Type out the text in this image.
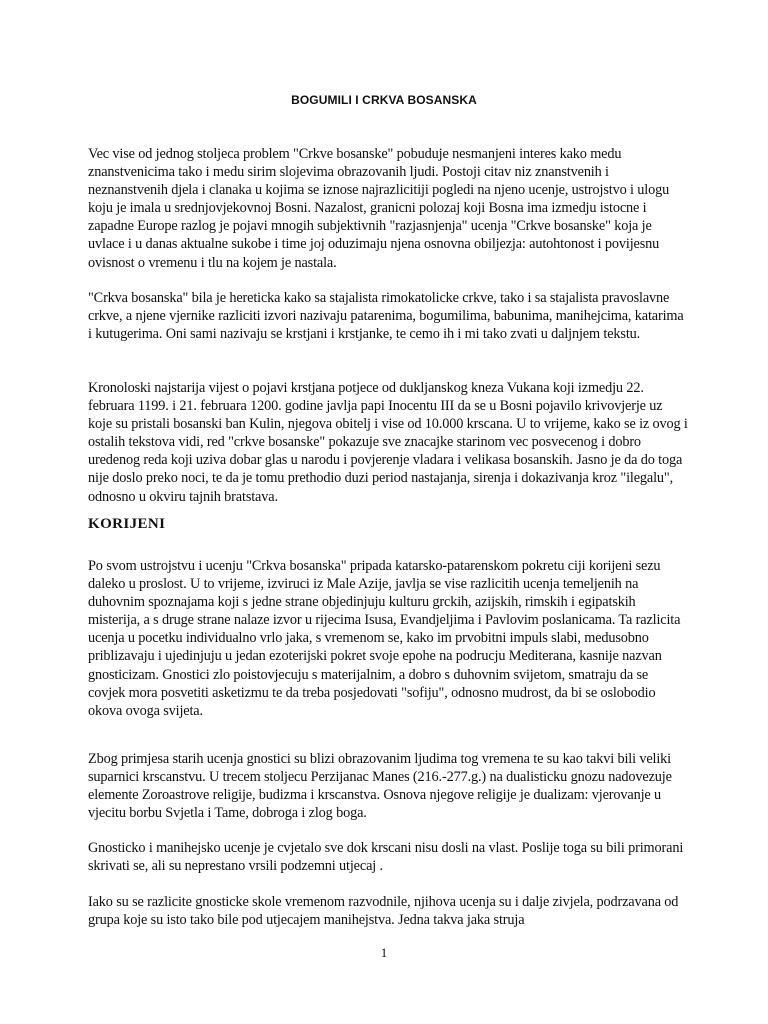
BOGUMILI I CRKVA BOSANSKA

Vec vise od jednog stoljeca problem "Crkve bosanske" pobuduje nesmanjeni interes kako medu znanstvenicima tako i medu sirim slojevima obrazovanih ljudi. Postoji citav niz znanstvenih i neznanstvenih djela i clanaka u kojima se iznose najrazlicitiji pogledi na njeno ucenje, ustrojstvo i ulogu koju je imala u srednjovjekovnoj Bosni. Nazalost, granicni polozaj koji Bosna ima izmedju istocne i zapadne Europe razlog je pojavi mnogih subjektivnih "razjasnjenja" ucenja "Crkve bosanske" koja je uvlace i u danas aktualne sukobe i time joj oduzimaju njena osnovna obiljezja: autohtonost i povijesnu ovisnost o vremenu i tlu na kojem je nastala.

"Crkva bosanska" bila je hereticka kako sa stajalista rimokatolicke crkve, tako i sa stajalista pravoslavne crkve, a njene vjernike razliciti izvori nazivaju patarenima, bogumilima, babunima, manihejcima, katarima i kutugerima. Oni sami nazivaju se krstjani i krstjanke, te cemo ih i mi tako zvati u daljnjem tekstu.

Kronoloski najstarija vijest o pojavi krstjana potjece od dukljanskog kneza Vukana koji izmedju 22. februara 1199. i 21. februara 1200. godine javlja papi Inocentu III da se u Bosni pojavilo krivovjerje uz koje su pristali bosanski ban Kulin, njegova obitelj i vise od 10.000 krscana. U to vrijeme, kako se iz ovog i ostalih tekstova vidi, red "crkve bosanske" pokazuje sve znacajke starinom vec posvecenog i dobro uredenog reda koji uziva dobar glas u narodu i povjerenje vladara i velikasa bosanskih. Jasno je da do toga nije doslo preko noci, te da je tomu prethodio duzi period nastajanja, sirenja i dokazivanja kroz "ilegalu", odnosno u okviru tajnih bratstava.

KORIJENI

Po svom ustrojstvu i ucenju "Crkva bosanska" pripada katarsko-patarenskom pokretu ciji korijeni sezu daleko u proslost. U to vrijeme, izviruci iz Male Azije, javlja se vise razlicitih ucenja temeljenih na duhovnim spoznajama koji s jedne strane objedinjuju kulturu grckih, azijskih, rimskih i egipatskih misterija, a s druge strane nalaze izvor u rijecima Isusa, Evandjeljima i Pavlovim poslanicama. Ta razlicita ucenja u pocetku individualno vrlo jaka, s vremenom se, kako im prvobitni impuls slabi, medusobno priblizavaju i ujedinjuju u jedan ezoterijski pokret svoje epohe na podrucju Mediterana, kasnije nazvan gnosticizam. Gnostici zlo poistovjecuju s materijalnim, a dobro s duhovnim svijetom, smatraju da se covjek mora posvetiti asketizmu te da treba posjedovati "sofiju", odnosno mudrost, da bi se oslobodio okova ovoga svijeta.

Zbog primjesa starih ucenja gnostici su blizi obrazovanim ljudima tog vremena te su kao takvi bili veliki suparnici krscanstvu. U trecem stoljecu Perzijanac Manes (216.-277.g.) na dualisticku gnozu nadovezuje elemente Zoroastrove religije, budizma i krscanstva. Osnova njegove religije je dualizam: vjerovanje u vjecitu borbu Svjetla i Tame, dobroga i zlog boga.

Gnosticko i manihejsko ucenje je cvjetalo sve dok krscani nisu dosli na vlast. Poslije toga su bili primorani skrivati se, ali su neprestano vrsili podzemni utjecaj .

Iako su se razlicite gnosticke skole vremenom razvodnile, njihova ucenja su i dalje zivjela, podrzavana od grupa koje su isto tako bile pod utjecajem manihejstva. Jedna takva jaka struja

1
